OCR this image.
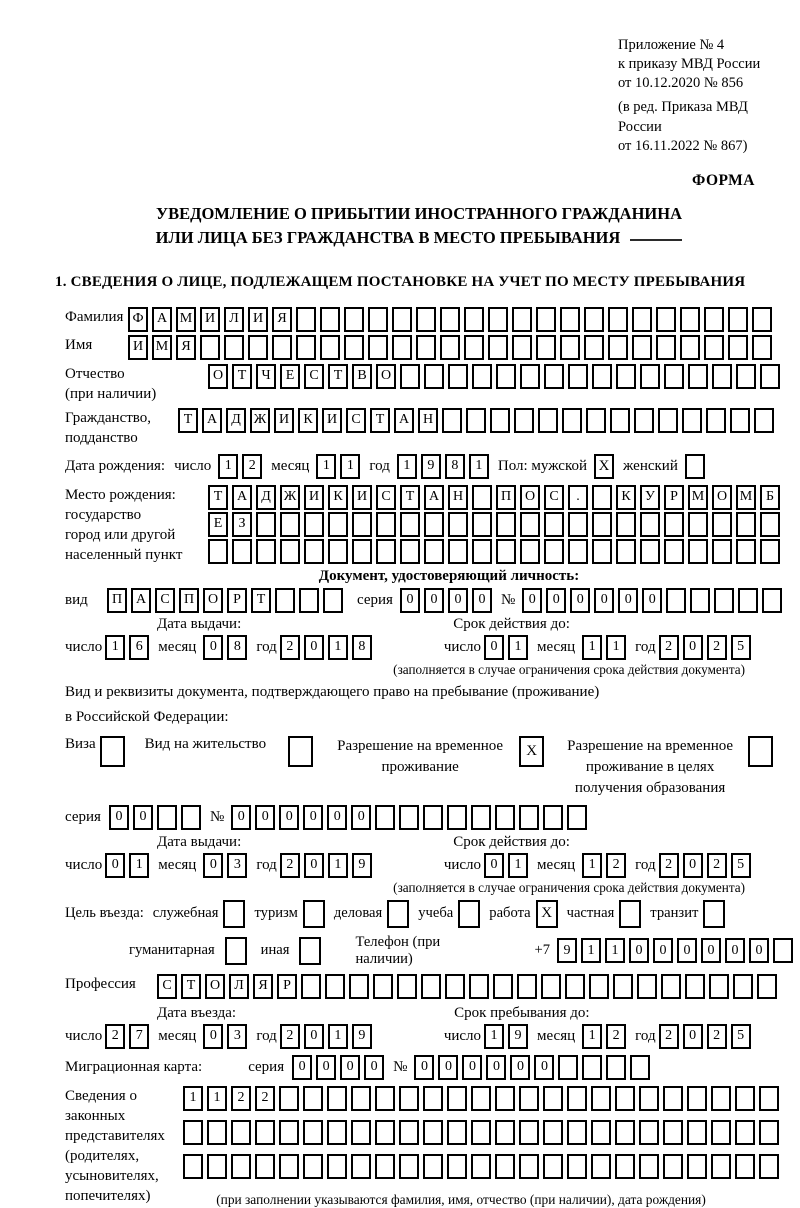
Приложение № 4
к приказу МВД России
от 10.12.2020 № 856
(в ред. Приказа МВД России
от 16.11.2022 № 867)
ФОРМА
УВЕДОМЛЕНИЕ О ПРИБЫТИИ ИНОСТРАННОГО ГРАЖДАНИНА
ИЛИ ЛИЦА БЕЗ ГРАЖДАНСТВА В МЕСТО ПРЕБЫВАНИЯ
1. СВЕДЕНИЯ О ЛИЦЕ, ПОДЛЕЖАЩЕМ ПОСТАНОВКЕ НА УЧЕТ ПО МЕСТУ ПРЕБЫВАНИЯ
Фамилия Ф А М И	Л	И	Я
Имя	И М Я
Отчество
(при наличии)
О	Т	Ч	Е	С	Т	В	О
Гражданство,
подданство
Т	А	Д Ж И	К	И	С	Т	А Н
Дата рождения: число 1	2	месяц 1	1	год 1	9	8	1	Пол: мужской X женский
Место рождения:
государство
город или другой
населенный пункт
Т	А	Д Ж И	К	И	С	Т	А Н	П О	С	.	К	У	Р М О М Б
Е	З
Документ, удостоверяющий личность:
вид	П А	С	П О	Р	Т	серия 0	0	0	0	№ 0	0	0	0	0	0
Дата выдачи:	Срок действия до:
число 1	6	месяц 0	8	год 2	0	1	8	число 0	1	месяц 1	1	год 2	0	2	5
(заполняется в случае ограничения срока действия документа)
Вид и реквизиты документа, подтверждающего право на пребывание (проживание)
в Российской Федерации:
Виза	Вид на жительство	Разрешение на временное
проживание
X	Разрешение на временное
проживание в целях
получения образования
серия	0	0	№ 0	0	0	0	0	0
Дата выдачи:	Срок действия до:
число 0	1	месяц 0	3	год 2	0	1	9	число 0	1	месяц 1	2	год 2	0	2	5
(заполняется в случае ограничения срока действия документа)
Цель въезда: служебная туризм деловая учеба работа X частная транзит
гуманитарная	иная
Телефон (при наличии)
+7 9	1	1	0	0	0	0	0	0
Профессия	С	Т	О	Л	Я	Р
Дата въезда:	Срок пребывания до:
число 2	7	месяц 0	3	год 2	0	1	9	число 1	9	месяц 1	2	год 2	0	2	5
Миграционная карта:	серия	0	0	0	0	№ 0	0	0	0	0	0
Сведения о
законных
представителях
(родителях,
усыновителях,
попечителях)
1	1	2	2
(при заполнении указываются фамилия, имя, отчество (при наличии), дата рождения)
